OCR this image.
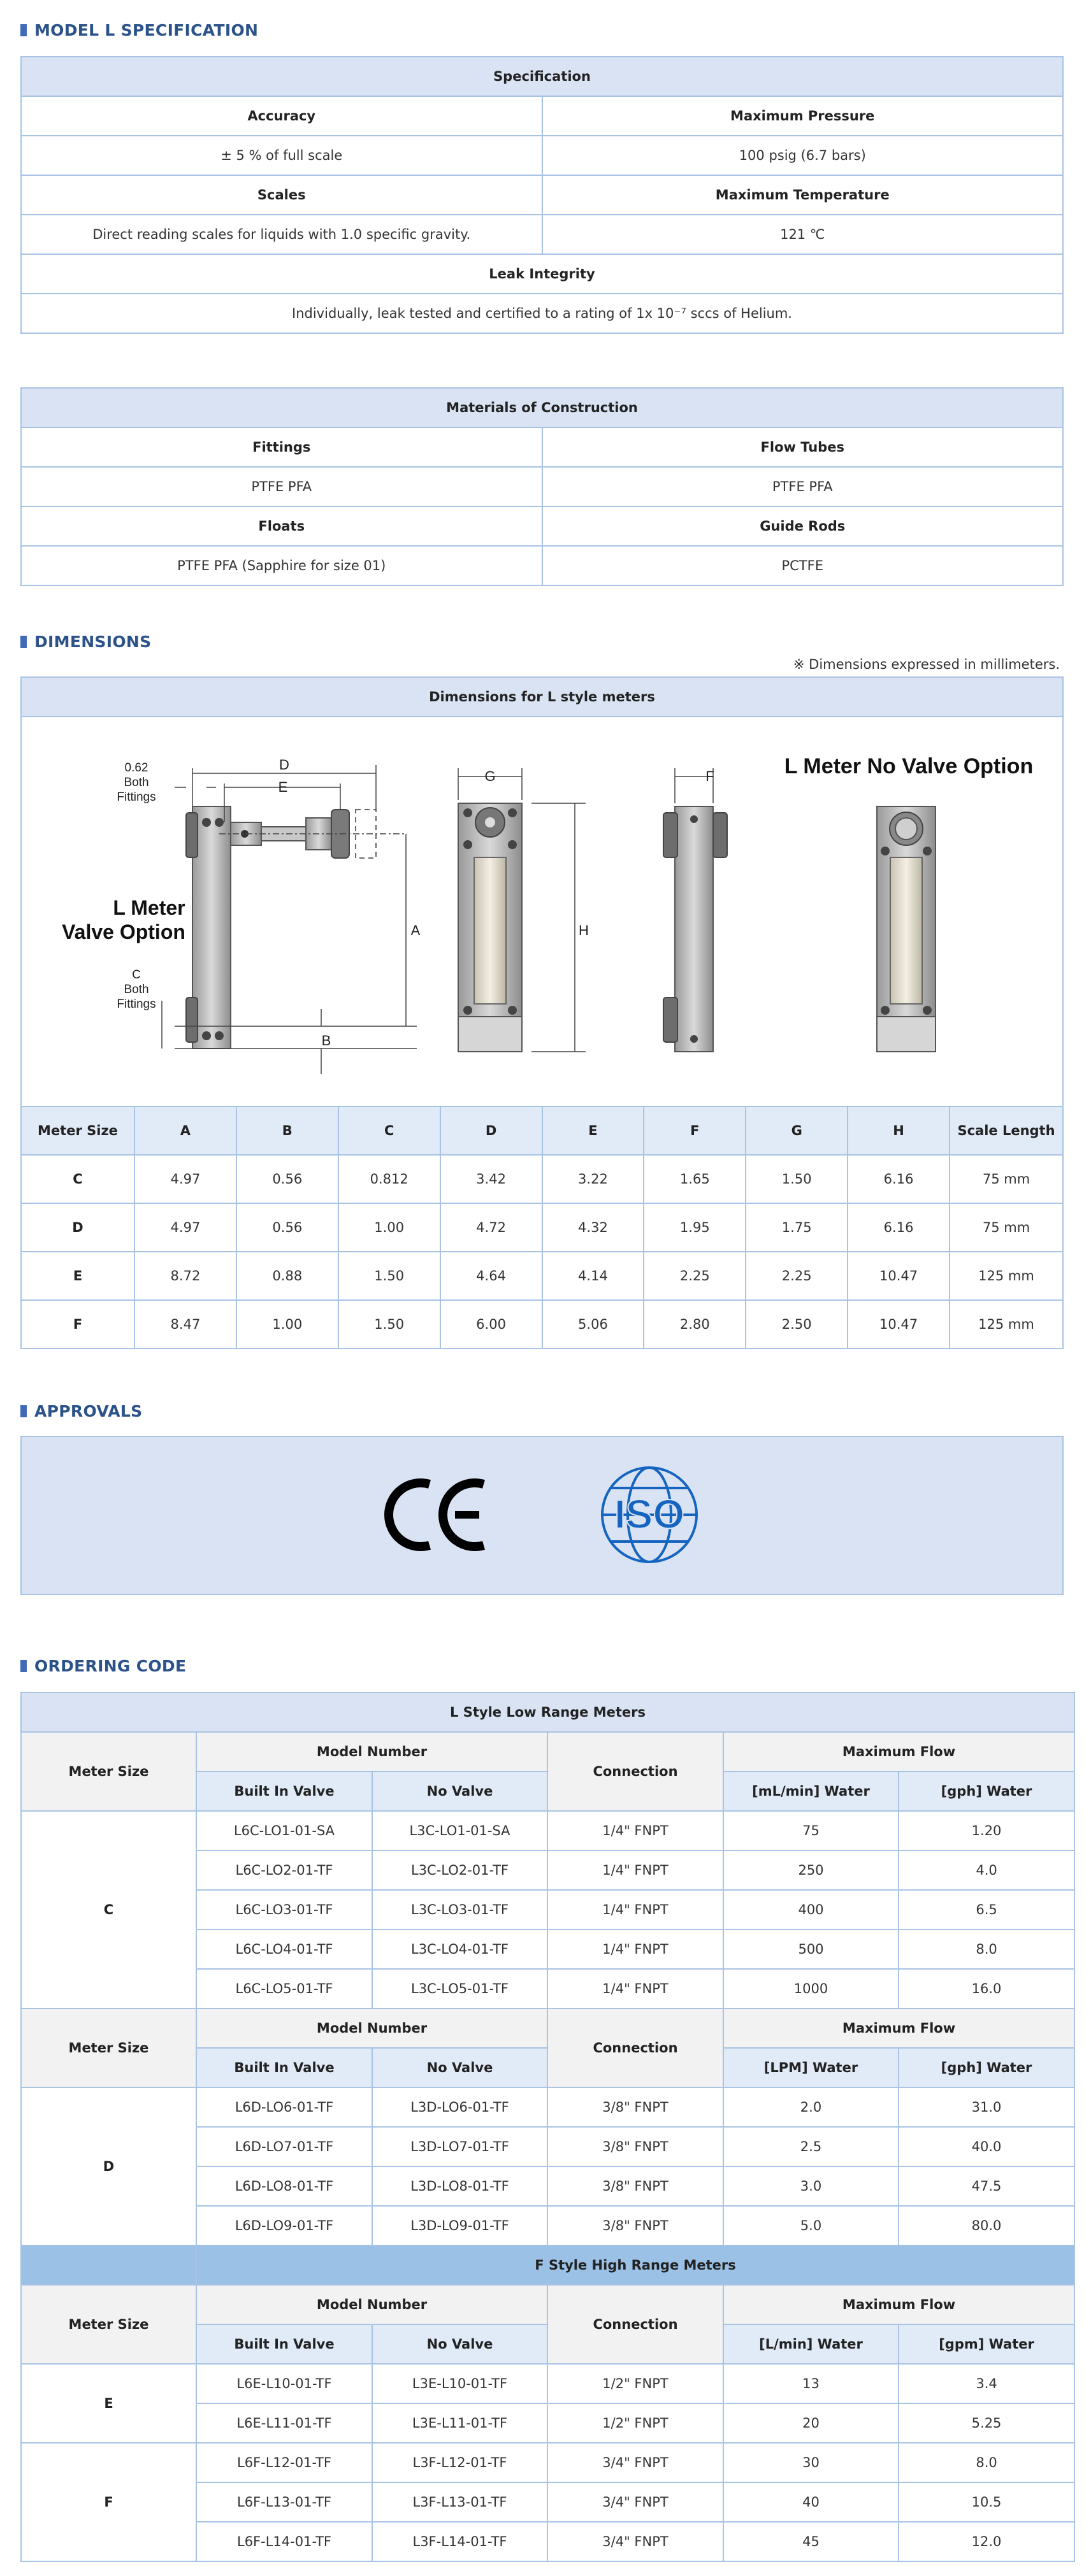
MODEL L SPECIFICATION
Specification	
Accuracy	Maximum Pressure
± 5 % of full scale	100 psig (6.7 bars)
Scales	Maximum Temperature
Direct reading scales for liquids with 1.0 specific gravity.	121 ℃
Leak Integrity	
Individually, leak tested and certified to a rating of 1x 10⁻⁷ sccs of Helium.	
Materials of Construction	
Fittings	Flow Tubes
PTFE PFA	PTFE PFA
Floats	Guide Rods
PTFE PFA (Sapphire for size 01)	PCTFE
DIMENSIONS
※ Dimensions expressed in millimeters.
Dimensions for L style meters
D
E
A
B
0.62
Both
Fittings
C
Both
Fittings
L Meter
Valve Option
G
H
F	L Meter No Valve Option
Meter Size	A	B	C	D	E	F	G	H	Scale Length
C	4.97	0.56	0.812	3.42	3.22	1.65	1.50	6.16	75 mm
D	4.97	0.56	1.00	4.72	4.32	1.95	1.75	6.16	75 mm
E	8.72	0.88	1.50	4.64	4.14	2.25	2.25	10.47	125 mm
F	8.47	1.00	1.50	6.00	5.06	2.80	2.50	10.47	125 mm
APPROVALS
ISO
ORDERING CODE
L Style Low Range Meters					
Meter Size	Model Number		Connection	Maximum Flow	
	Built In Valve	No Valve		[mL/min] Water	[gph] Water
C	L6C-LO1-01-SA	L3C-LO1-01-SA	1/4" FNPT	75	1.20
	L6C-LO2-01-TF	L3C-LO2-01-TF	1/4" FNPT	250	4.0
	L6C-LO3-01-TF	L3C-LO3-01-TF	1/4" FNPT	400	6.5
	L6C-LO4-01-TF	L3C-LO4-01-TF	1/4" FNPT	500	8.0
	L6C-LO5-01-TF	L3C-LO5-01-TF	1/4" FNPT	1000	16.0
Meter Size	Model Number		Connection	Maximum Flow	
	Built In Valve	No Valve		[LPM] Water	[gph] Water
D	L6D-LO6-01-TF	L3D-LO6-01-TF	3/8" FNPT	2.0	31.0
	L6D-LO7-01-TF	L3D-LO7-01-TF	3/8" FNPT	2.5	40.0
	L6D-LO8-01-TF	L3D-LO8-01-TF	3/8" FNPT	3.0	47.5
	L6D-LO9-01-TF	L3D-LO9-01-TF	3/8" FNPT	5.0	80.0
	F Style High Range Meters				
Meter Size	Model Number		Connection	Maximum Flow	
	Built In Valve	No Valve		[L/min] Water	[gpm] Water
E	L6E-L10-01-TF	L3E-L10-01-TF	1/2" FNPT	13	3.4
	L6E-L11-01-TF	L3E-L11-01-TF	1/2" FNPT	20	5.25
F	L6F-L12-01-TF	L3F-L12-01-TF	3/4" FNPT	30	8.0
	L6F-L13-01-TF	L3F-L13-01-TF	3/4" FNPT	40	10.5
	L6F-L14-01-TF	L3F-L14-01-TF	3/4" FNPT	45	12.0
